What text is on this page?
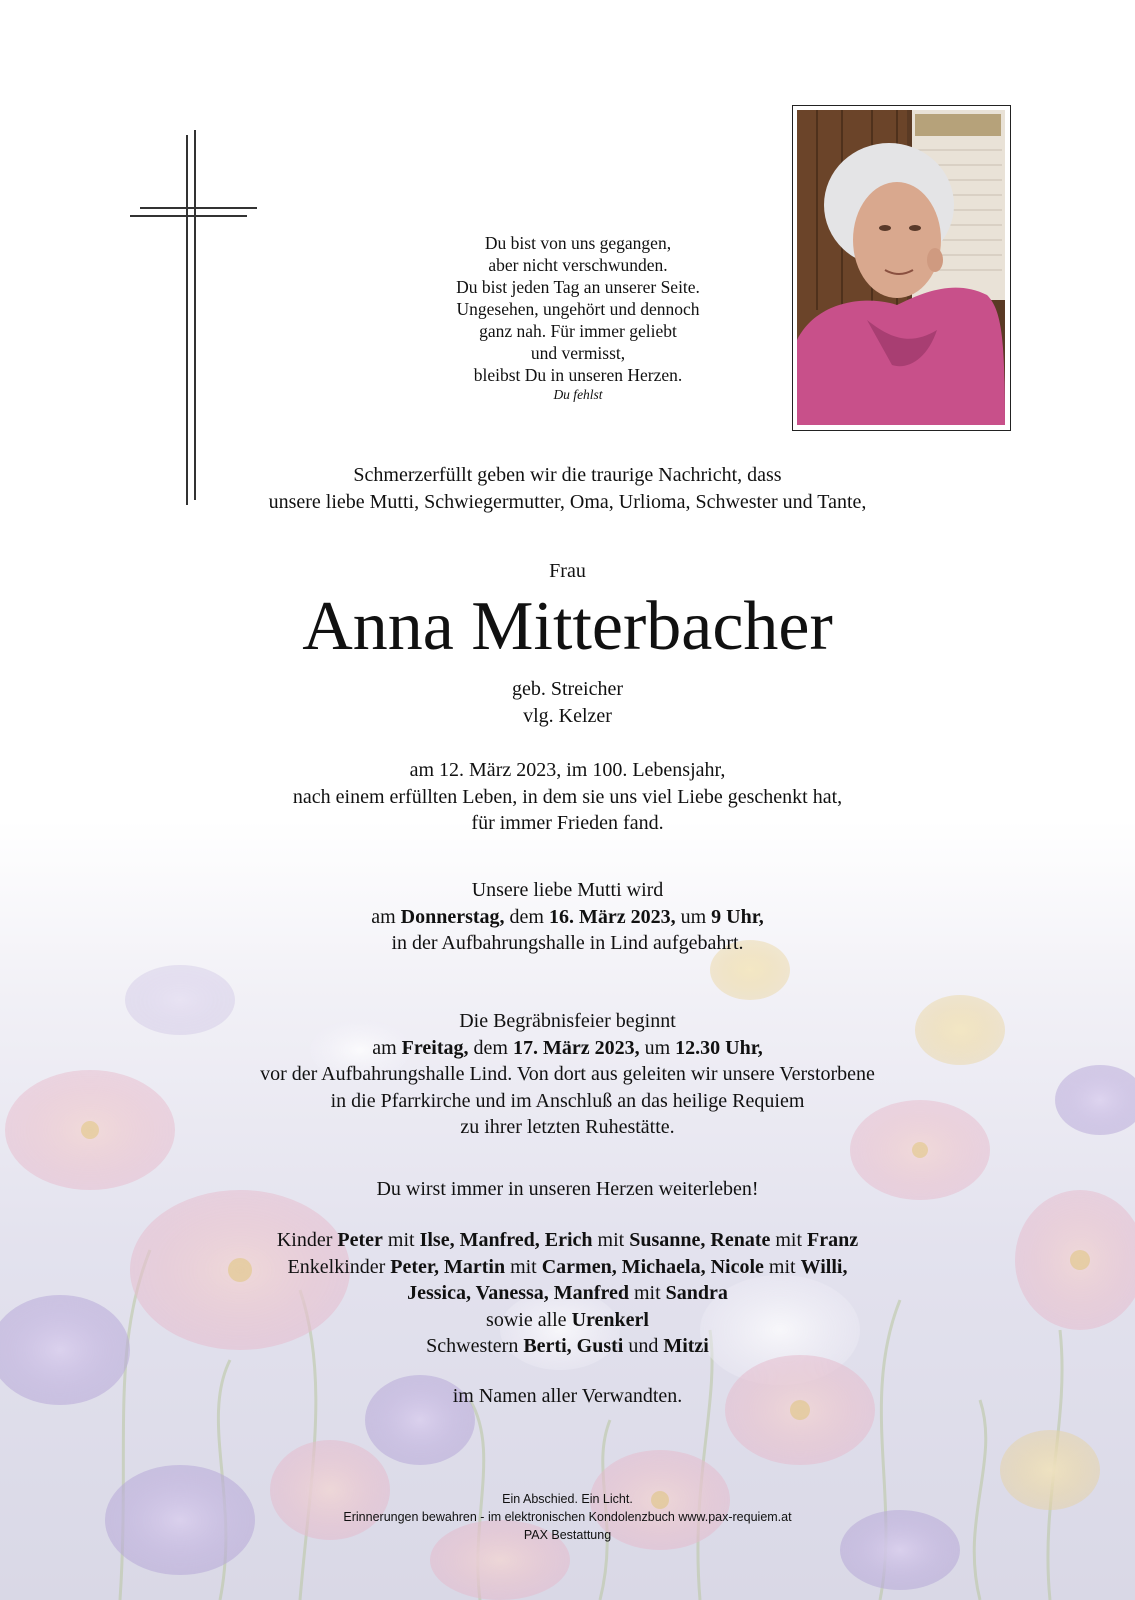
Du bist von uns gegangen,
aber nicht verschwunden.
Du bist jeden Tag an unserer Seite.
Ungesehen, ungehört und dennoch
ganz nah. Für immer geliebt
und vermisst,
bleibst Du in unseren Herzen.
Du fehlst
Schmerzerfüllt geben wir die traurige Nachricht, dass
unsere liebe Mutti, Schwiegermutter, Oma, Urlioma, Schwester und Tante,
Frau
Anna Mitterbacher
geb. Streicher
vlg. Kelzer
am 12. März 2023, im 100. Lebensjahr,
nach einem erfüllten Leben, in dem sie uns viel Liebe geschenkt hat,
für immer Frieden fand.
Unsere liebe Mutti wird
am Donnerstag, dem 16. März 2023, um 9 Uhr,
in der Aufbahrungshalle in Lind aufgebahrt.
Die Begräbnisfeier beginnt
am Freitag, dem 17. März 2023, um 12.30 Uhr,
vor der Aufbahrungshalle Lind. Von dort aus geleiten wir unsere Verstorbene
in die Pfarrkirche und im Anschluß an das heilige Requiem
zu ihrer letzten Ruhestätte.
Du wirst immer in unseren Herzen weiterleben!
Kinder Peter mit Ilse, Manfred, Erich mit Susanne, Renate mit Franz
Enkelkinder Peter, Martin mit Carmen, Michaela, Nicole mit Willi,
Jessica, Vanessa, Manfred mit Sandra
sowie alle Urenkerl
Schwestern Berti, Gusti und Mitzi
im Namen aller Verwandten.
Ein Abschied. Ein Licht.
Erinnerungen bewahren - im elektronischen Kondolenzbuch www.pax-requiem.at
PAX Bestattung
